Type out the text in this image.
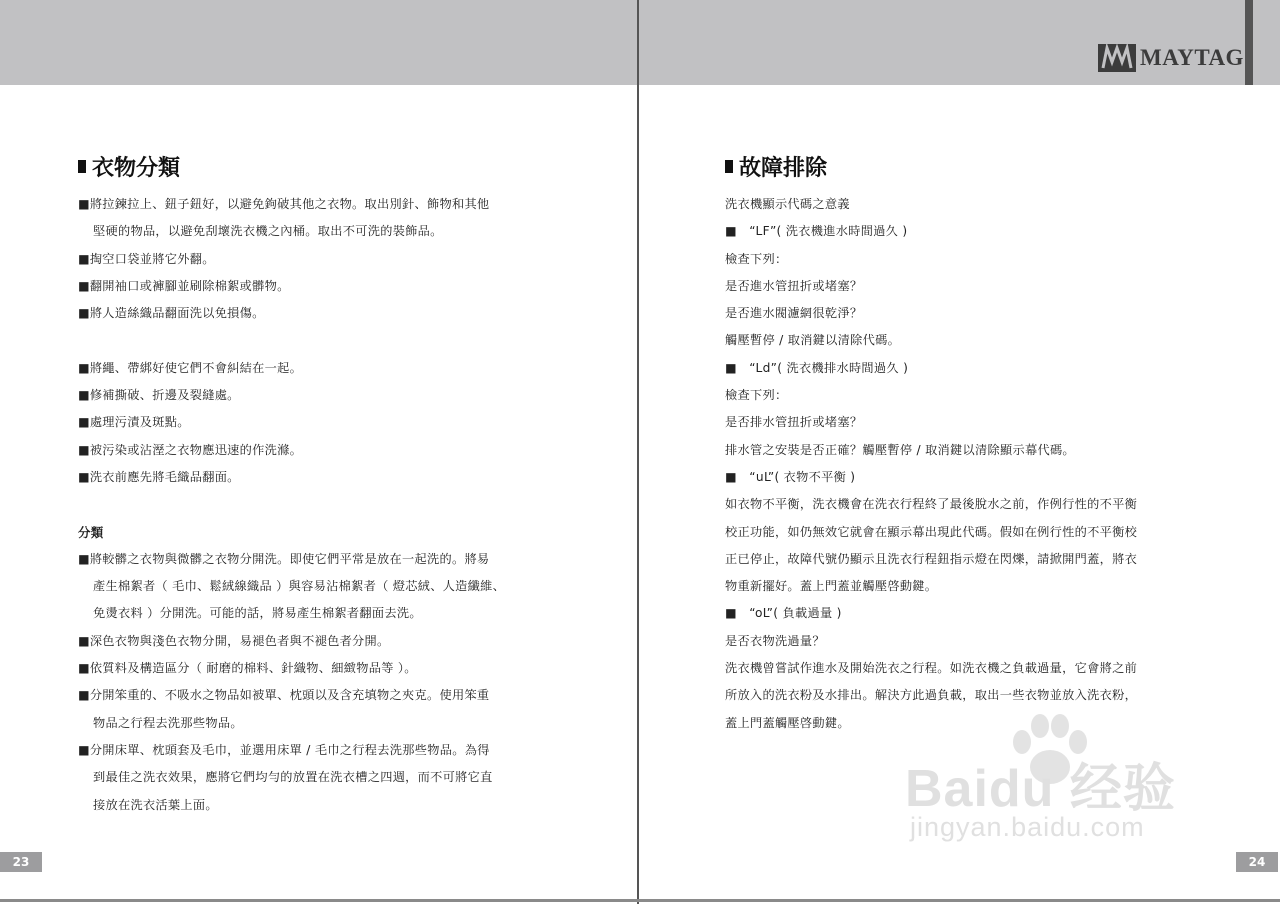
MAYTAG
衣物分類
■將拉鍊拉上、鈕子鈕好，以避免鉤破其他之衣物。取出別針、飾物和其他
堅硬的物品，以避免刮壞洗衣機之內桶。取出不可洗的裝飾品。
■掏空口袋並將它外翻。
■翻開袖口或褲腳並刷除棉絮或髒物。
■將人造絲織品翻面洗以免損傷。
■將繩、帶綁好使它們不會糾結在一起。
■修補撕破、折邊及裂縫處。
■處理污漬及斑點。
■被污染或沾溼之衣物應迅速的作洗滌。
■洗衣前應先將毛織品翻面。
分類
■將較髒之衣物與微髒之衣物分開洗。即使它們平常是放在一起洗的。將易
產生棉絮者（ 毛巾、鬆絨線織品 ）與容易沾棉絮者（ 燈芯絨、人造纖維、
免燙衣料 ）分開洗。可能的話，將易產生棉絮者翻面去洗。
■深色衣物與淺色衣物分開，易褪色者與不褪色者分開。
■依質料及構造區分（ 耐磨的棉料、針織物、細緻物品等 ）。
■分開笨重的、不吸水之物品如被單、枕頭以及含充填物之夾克。使用笨重
物品之行程去洗那些物品。
■分開床單、枕頭套及毛巾，並選用床單 / 毛巾之行程去洗那些物品。為得
到最佳之洗衣效果，應將它們均勻的放置在洗衣槽之四週，而不可將它直
接放在洗衣活葉上面。
故障排除
洗衣機顯示代碼之意義
■　“LF”( 洗衣機進水時間過久 )
檢查下列：
是否進水管扭折或堵塞？
是否進水閥濾網很乾淨？
觸壓暫停 / 取消鍵以清除代碼。
■　“Ld”( 洗衣機排水時間過久 )
檢查下列：
是否排水管扭折或堵塞？
排水管之安裝是否正確？觸壓暫停 / 取消鍵以清除顯示幕代碼。
■　“uL”( 衣物不平衡 )
如衣物不平衡，洗衣機會在洗衣行程終了最後脫水之前，作例行性的不平衡
校正功能，如仍無效它就會在顯示幕出現此代碼。假如在例行性的不平衡校
正已停止，故障代號仍顯示且洗衣行程鈕指示燈在閃爍，請掀開門蓋，將衣
物重新擺好。蓋上門蓋並觸壓啓動鍵。
■　“oL”( 負載過量 )
是否衣物洗過量？
洗衣機曾嘗試作進水及開始洗衣之行程。如洗衣機之負載過量，它會將之前
所放入的洗衣粉及水排出。解決方此過負載，取出一些衣物並放入洗衣粉，
蓋上門蓋觸壓啓動鍵。
Baidu 经验
jingyan.baidu.com
23	24
